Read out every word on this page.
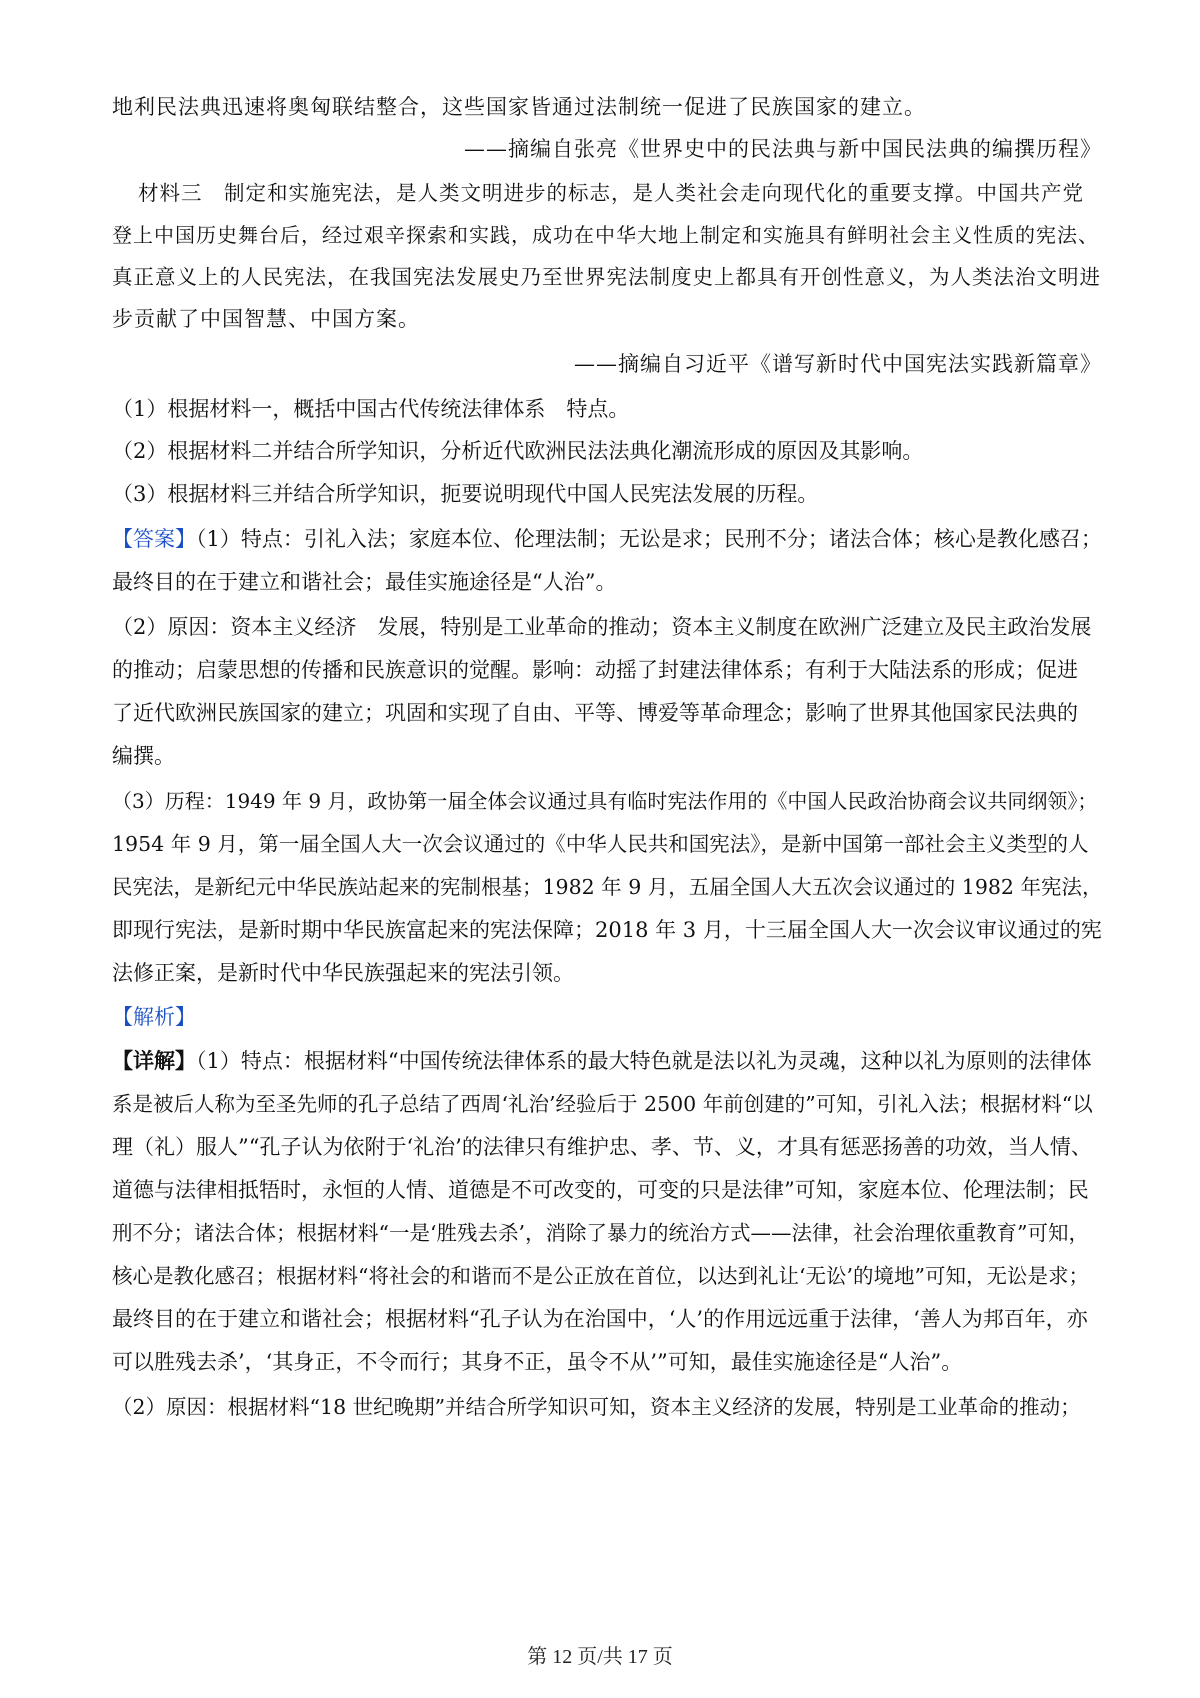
地利民法典迅速将奥匈联结整合，这些国家皆通过法制统一促进了民族国家的建立。
——摘编自张亮《世界史中的民法典与新中国民法典的编撰历程》
材料三　制定和实施宪法，是人类文明进步的标志，是人类社会走向现代化的重要支撑。中国共产党
登上中国历史舞台后，经过艰辛探索和实践，成功在中华大地上制定和实施具有鲜明社会主义性质的宪法、
真正意义上的人民宪法，在我国宪法发展史乃至世界宪法制度史上都具有开创性意义，为人类法治文明进
步贡献了中国智慧、中国方案。
——摘编自习近平《谱写新时代中国宪法实践新篇章》
（1）根据材料一，概括中国古代传统法律体系　特点。
（2）根据材料二并结合所学知识，分析近代欧洲民法法典化潮流形成的原因及其影响。
（3）根据材料三并结合所学知识，扼要说明现代中国人民宪法发展的历程。
【答案】（1）特点：引礼入法；家庭本位、伦理法制；无讼是求；民刑不分；诸法合体；核心是教化感召；
最终目的在于建立和谐社会；最佳实施途径是“人治”。
（2）原因：资本主义经济　发展，特别是工业革命的推动；资本主义制度在欧洲广泛建立及民主政治发展
的推动；启蒙思想的传播和民族意识的觉醒。影响：动摇了封建法律体系；有利于大陆法系的形成；促进
了近代欧洲民族国家的建立；巩固和实现了自由、平等、博爱等革命理念；影响了世界其他国家民法典的
编撰。
（3）历程：1949 年 9 月，政协第一届全体会议通过具有临时宪法作用的《中国人民政治协商会议共同纲领》；
1954 年 9 月，第一届全国人大一次会议通过的《中华人民共和国宪法》，是新中国第一部社会主义类型的人
民宪法，是新纪元中华民族站起来的宪制根基；1982 年 9 月，五届全国人大五次会议通过的 1982 年宪法，
即现行宪法，是新时期中华民族富起来的宪法保障；2018 年 3 月，十三届全国人大一次会议审议通过的宪
法修正案，是新时代中华民族强起来的宪法引领。
【解析】
【详解】（1）特点：根据材料“中国传统法律体系的最大特色就是法以礼为灵魂，这种以礼为原则的法律体
系是被后人称为至圣先师的孔子总结了西周‘礼治’经验后于 2500 年前创建的”可知，引礼入法；根据材料“以
理（礼）服人”“孔子认为依附于‘礼治’的法律只有维护忠、孝、节、义，才具有惩恶扬善的功效，当人情、
道德与法律相抵牾时，永恒的人情、道德是不可改变的，可变的只是法律”可知，家庭本位、伦理法制；民
刑不分；诸法合体；根据材料“一是‘胜残去杀’，消除了暴力的统治方式——法律，社会治理依重教育”可知，
核心是教化感召；根据材料“将社会的和谐而不是公正放在首位，以达到礼让‘无讼’的境地”可知，无讼是求；
最终目的在于建立和谐社会；根据材料“孔子认为在治国中，‘人’的作用远远重于法律，‘善人为邦百年，亦
可以胜残去杀’，‘其身正，不令而行；其身不正，虽令不从’”可知，最佳实施途径是“人治”。
（2）原因：根据材料“18 世纪晚期”并结合所学知识可知，资本主义经济的发展，特别是工业革命的推动；
第 12 页/共 17 页
